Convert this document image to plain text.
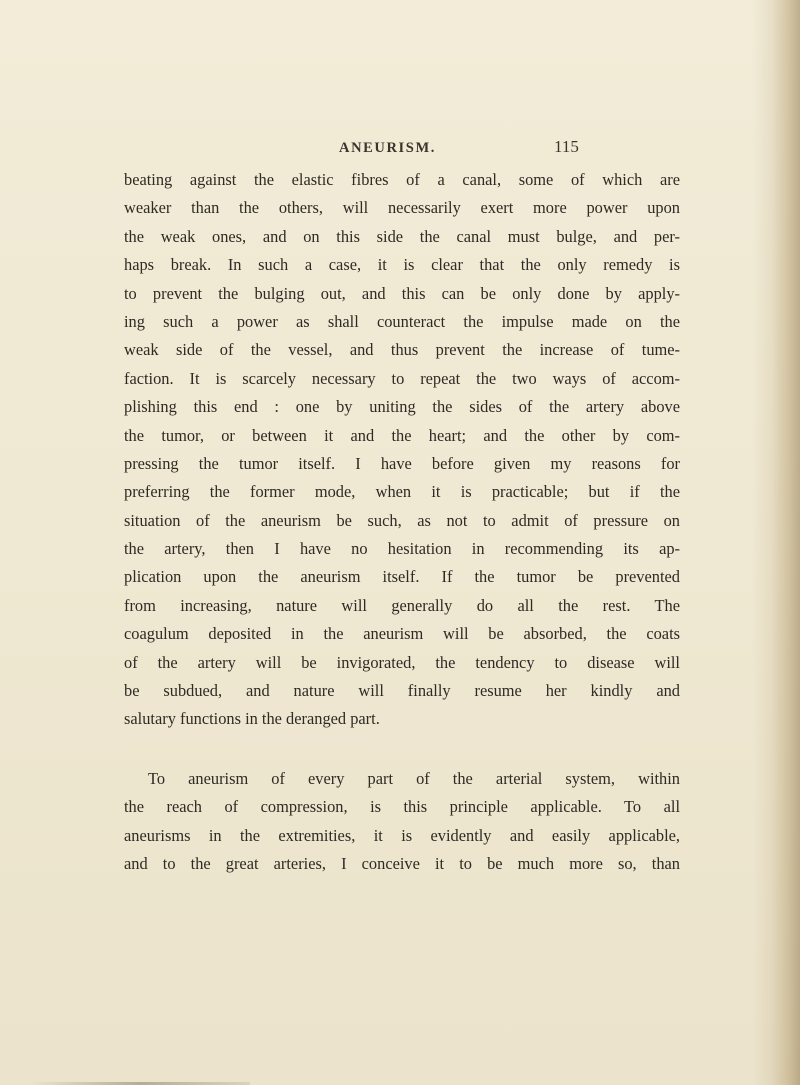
ANEURISM.	115
beating against the elastic fibres of a canal, some of which are
weaker than the others, will necessarily exert more power upon
the weak ones, and on this side the canal must bulge, and per-
haps break. In such a case, it is clear that the only remedy is
to prevent the bulging out, and this can be only done by apply-
ing such a power as shall counteract the impulse made on the
weak side of the vessel, and thus prevent the increase of tume-
faction. It is scarcely necessary to repeat the two ways of accom-
plishing this end : one by uniting the sides of the artery above
the tumor, or between it and the heart; and the other by com-
pressing the tumor itself. I have before given my reasons for
preferring the former mode, when it is practicable; but if the
situation of the aneurism be such, as not to admit of pressure on
the artery, then I have no hesitation in recommending its ap-
plication upon the aneurism itself. If the tumor be prevented
from increasing, nature will generally do all the rest. The
coagulum deposited in the aneurism will be absorbed, the coats
of the artery will be invigorated, the tendency to disease will
be subdued, and nature will finally resume her kindly and
salutary functions in the deranged part.
To aneurism of every part of the arterial system, within
the reach of compression, is this principle applicable. To all
aneurisms in the extremities, it is evidently and easily applicable,
and to the great arteries, I conceive it to be much more so, than
